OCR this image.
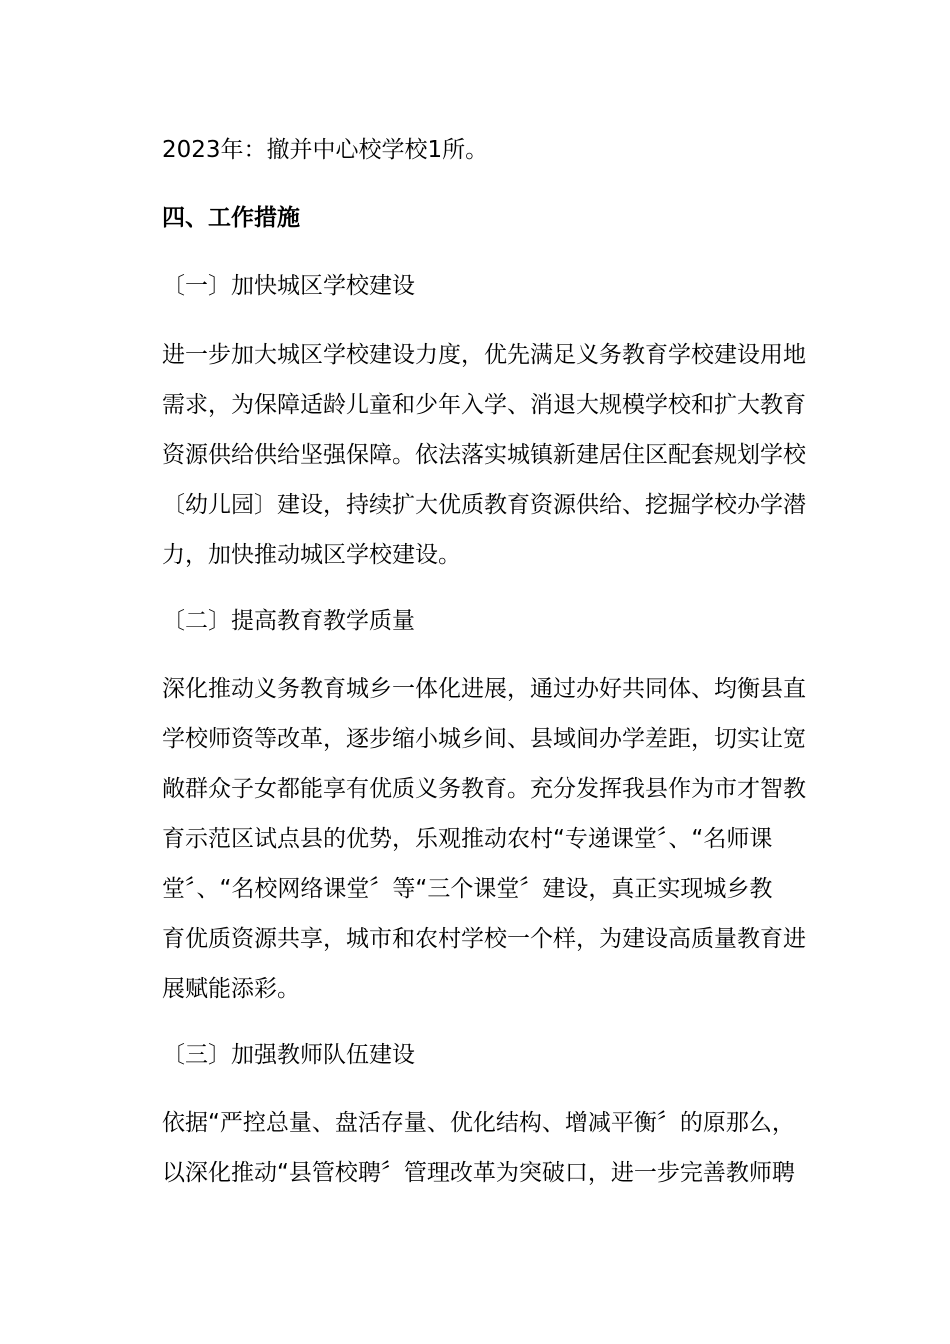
2023年：撤并中心校学校1所。

四、工作措施

〔一〕加快城区学校建设

进一步加大城区学校建设力度，优先满足义务教育学校建设用地
需求，为保障适龄儿童和少年入学、消退大规模学校和扩大教育
资源供给供给坚强保障。依法落实城镇新建居住区配套规划学校
〔幼儿园〕建设，持续扩大优质教育资源供给、挖掘学校办学潜
力，加快推动城区学校建设。

〔二〕提高教育教学质量

深化推动义务教育城乡一体化进展，通过办好共同体、均衡县直
学校师资等改革，逐步缩小城乡间、县域间办学差距，切实让宽
敞群众子女都能享有优质义务教育。充分发挥我县作为市才智教
育示范区试点县的优势，乐观推动农村“专递课堂〞、“名师课
堂〞、“名校网络课堂〞等“三个课堂〞建设，真正实现城乡教
育优质资源共享，城市和农村学校一个样，为建设高质量教育进
展赋能添彩。

〔三〕加强教师队伍建设

依据“严控总量、盘活存量、优化结构、增减平衡〞的原那么，
以深化推动“县管校聘〞管理改革为突破口，进一步完善教师聘
